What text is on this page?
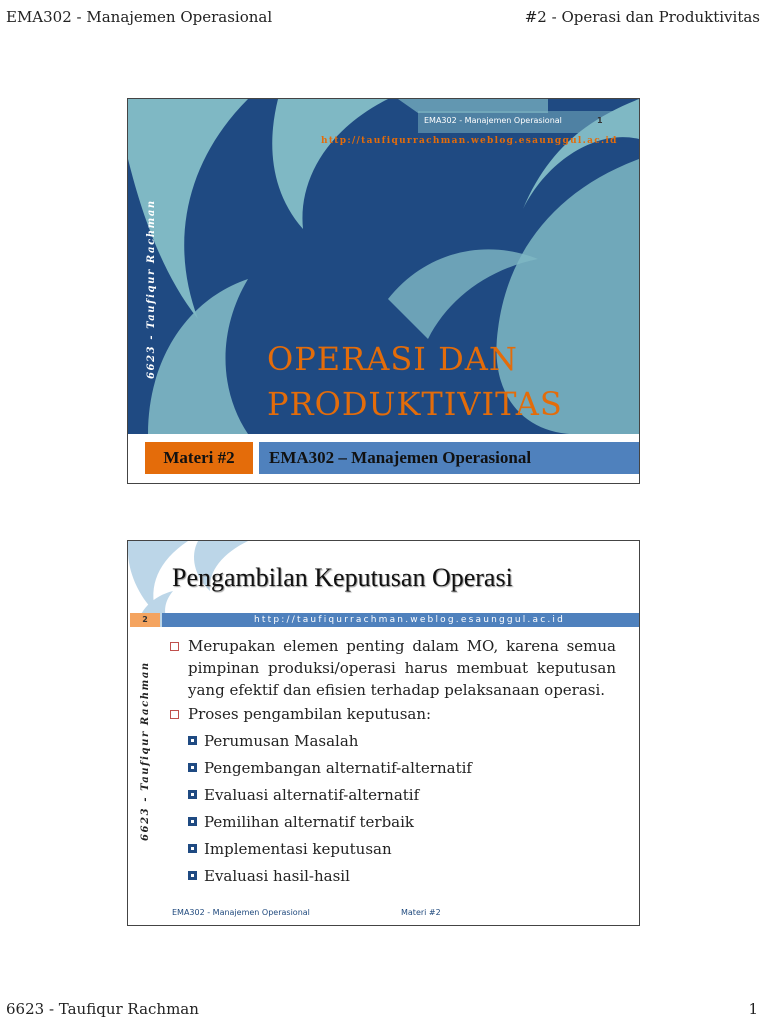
EMA302 - Manajemen Operasional	#2 - Operasi dan Produktivitas
EMA302 - Manajemen Operasional	1
http://taufiqurrachman.weblog.esaunggul.ac.id
6623 - Taufiqur Rachman	OPERASI DAN
PRODUKTIVITAS
Materi #2	EMA302 – Manajemen Operasional
Pengambilan Keputusan Operasi
http://taufiqurrachman.weblog.esaunggul.ac.id
2
6623 - Taufiqur Rachman
Merupakan elemen penting dalam MO, karena semua pimpinan produksi/operasi harus membuat keputusan yang efektif dan efisien terhadap pelaksanaan operasi.
Proses pengambilan keputusan:
Perumusan Masalah
Pengembangan alternatif-alternatif
Evaluasi alternatif-alternatif
Pemilihan alternatif terbaik
Implementasi keputusan
Evaluasi hasil-hasil
EMA302 - Manajemen Operasional	Materi #2
6623 - Taufiqur Rachman	1
